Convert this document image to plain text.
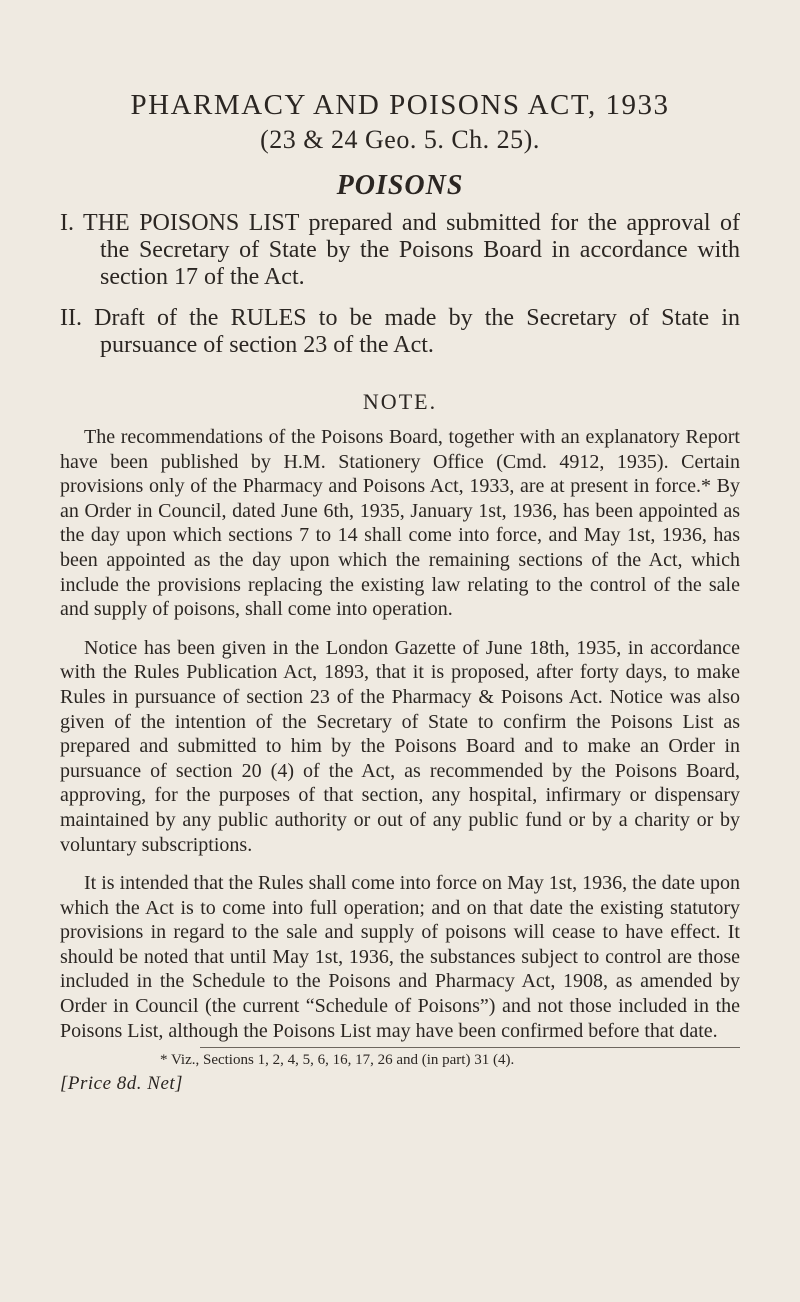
PHARMACY AND POISONS ACT, 1933
(23 & 24 Geo. 5. Ch. 25).
POISONS

I. THE POISONS LIST prepared and submitted for the approval of the Secretary of State by the Poisons Board in accordance with section 17 of the Act.

II. Draft of the RULES to be made by the Secretary of State in pursuance of section 23 of the Act.

NOTE.

The recommendations of the Poisons Board, together with an explanatory Report have been published by H.M. Stationery Office (Cmd. 4912, 1935). Certain provisions only of the Pharmacy and Poisons Act, 1933, are at present in force.* By an Order in Council, dated June 6th, 1935, January 1st, 1936, has been appointed as the day upon which sections 7 to 14 shall come into force, and May 1st, 1936, has been appointed as the day upon which the remaining sections of the Act, which include the provisions replacing the existing law relating to the control of the sale and supply of poisons, shall come into operation.

Notice has been given in the London Gazette of June 18th, 1935, in accordance with the Rules Publication Act, 1893, that it is proposed, after forty days, to make Rules in pursuance of section 23 of the Pharmacy & Poisons Act. Notice was also given of the intention of the Secretary of State to confirm the Poisons List as prepared and submitted to him by the Poisons Board and to make an Order in pursuance of section 20 (4) of the Act, as recommended by the Poisons Board, approving, for the purposes of that section, any hospital, infirmary or dispensary maintained by any public authority or out of any public fund or by a charity or by voluntary subscriptions.

It is intended that the Rules shall come into force on May 1st, 1936, the date upon which the Act is to come into full operation; and on that date the existing statutory provisions in regard to the sale and supply of poisons will cease to have effect. It should be noted that until May 1st, 1936, the substances subject to control are those included in the Schedule to the Poisons and Pharmacy Act, 1908, as amended by Order in Council (the current “Schedule of Poisons”) and not those included in the Poisons List, although the Poisons List may have been confirmed before that date.

* Viz., Sections 1, 2, 4, 5, 6, 16, 17, 26 and (in part) 31 (4).
[Price 8d. Net]
